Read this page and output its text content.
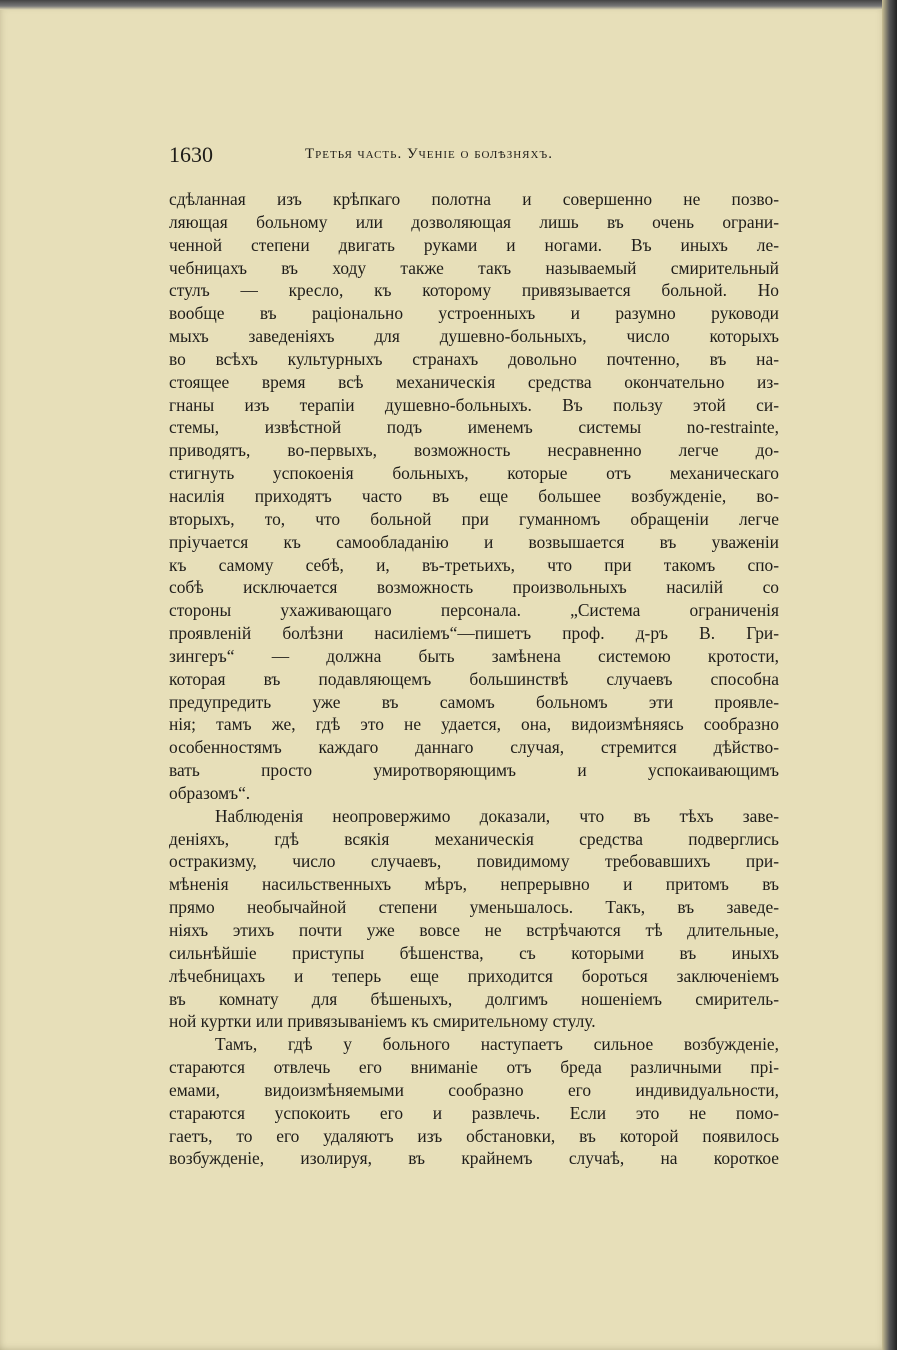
1630	Третья часть. Ученіе о болѣзняхъ.
сдѣланная изъ крѣпкаго полотна и совершенно не позво-
ляющая больному или дозволяющая лишь въ очень ограни-
ченной степени двигать руками и ногами. Въ иныхъ ле-
чебницахъ въ ходу также такъ называемый смирительный
стулъ — кресло, къ которому привязывается больной. Но
вообще въ раціонально устроенныхъ и разумно руководи
мыхъ заведеніяхъ для душевно-больныхъ, число которыхъ
во всѣхъ культурныхъ странахъ довольно почтенно, въ на-
стоящее время всѣ механическія средства окончательно из-
гнаны изъ терапіи душевно-больныхъ. Въ пользу этой си-
стемы, извѣстной подъ именемъ системы no-restrainte,
приводятъ, во-первыхъ, возможность несравненно легче до-
стигнуть успокоенія больныхъ, которые отъ механическаго
насилія приходятъ часто въ еще большее возбужденіе, во-
вторыхъ, то, что больной при гуманномъ обращеніи легче
пріучается къ самообладанію и возвышается въ уваженіи
къ самому себѣ, и, въ-третьихъ, что при такомъ спо-
собѣ исключается возможность произвольныхъ насилій со
стороны ухаживающаго персонала. „Система ограниченія
проявленій болѣзни насиліемъ“—пишетъ проф. д-ръ В. Гри-
зингеръ“ — должна быть замѣнена системою кротости,
которая въ подавляющемъ большинствѣ случаевъ способна
предупредить уже въ самомъ больномъ эти проявле-
нія; тамъ же, гдѣ это не удается, она, видоизмѣняясь сообразно
особенностямъ каждаго даннаго случая, стремится дѣйство-
вать просто умиротворяющимъ и успокаивающимъ
образомъ“.
Наблюденія неопровержимо доказали, что въ тѣхъ заве-
деніяхъ, гдѣ всякія механическія средства подверглись
остракизму, число случаевъ, повидимому требовавшихъ при-
мѣненія насильственныхъ мѣръ, непрерывно и притомъ въ
прямо необычайной степени уменьшалось. Такъ, въ заведе-
ніяхъ этихъ почти уже вовсе не встрѣчаются тѣ длительные,
сильнѣйшіе приступы бѣшенства, съ которыми въ иныхъ
лѣчебницахъ и теперь еще приходится бороться заключеніемъ
въ комнату для бѣшеныхъ, долгимъ ношеніемъ смиритель-
ной куртки или привязываніемъ къ смирительному стулу.
Тамъ, гдѣ у больного наступаетъ сильное возбужденіе,
стараются отвлечь его вниманіе отъ бреда различными прі-
емами, видоизмѣняемыми сообразно его индивидуальности,
стараются успокоить его и развлечь. Если это не помо-
гаетъ, то его удаляютъ изъ обстановки, въ которой появилось
возбужденіе, изолируя, въ крайнемъ случаѣ, на короткое
